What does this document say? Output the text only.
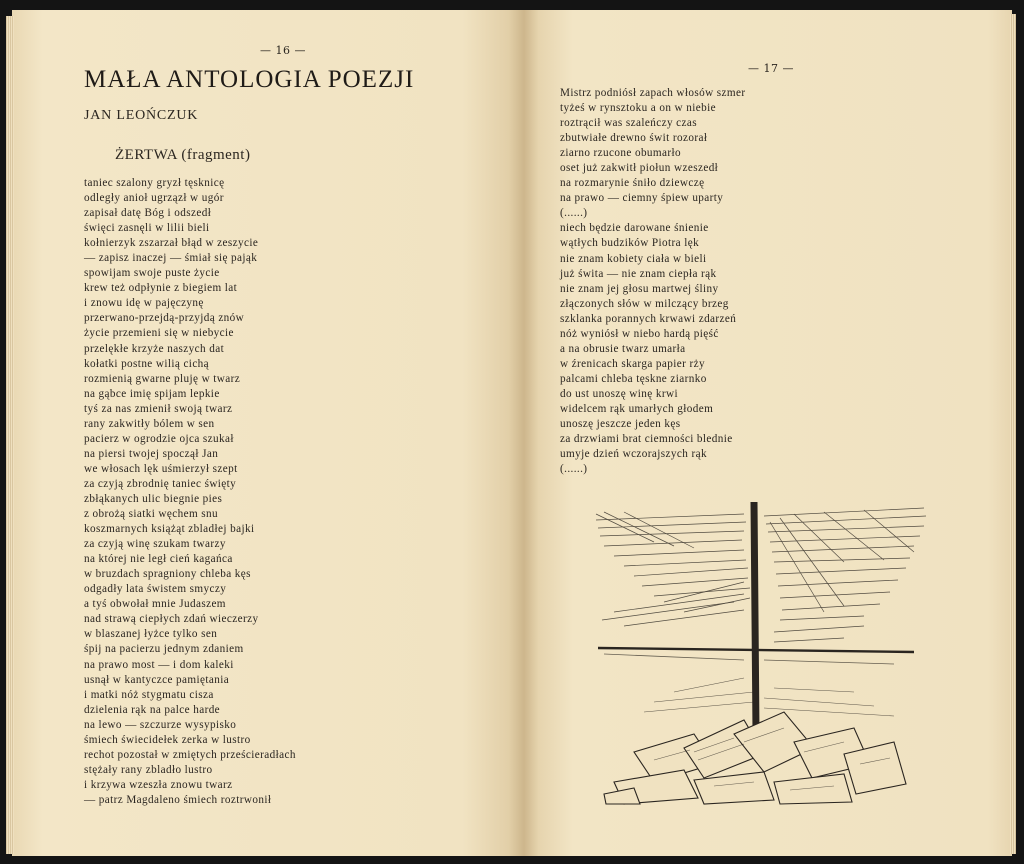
— 16 —
MAŁA ANTOLOGIA POEZJI
JAN LEOŃCZUK
ŻERTWA (fragment)
taniec szalony gryzł tęsknicę
odległy anioł ugrzązł w ugór
zapisał datę Bóg i odszedł
święci zasnęli w lilii bieli
kołnierzyk zszarzał błąd w zeszycie
— zapisz inaczej — śmiał się pająk
spowijam swoje puste życie
krew też odpłynie z biegiem lat
i znowu idę w pajęczynę
przerwano-przejdą-przyjdą znów
życie przemieni się w niebycie
przelękłe krzyże naszych dat
kołatki postne wilią cichą
rozmienią gwarne pluję w twarz
na gąbce imię spijam lepkie
tyś za nas zmienił swoją twarz
rany zakwitły bólem w sen
pacierz w ogrodzie ojca szukał
na piersi twojej spoczął Jan
we włosach lęk uśmierzył szept
za czyją zbrodnię taniec święty
zbłąkanych ulic biegnie pies
z obrożą siatki węchem snu
koszmarnych książąt zbladłej bajki
za czyją winę szukam twarzy
na której nie legł cień kagańca
w bruzdach spragniony chleba kęs
odgadły lata świstem smyczy
a tyś obwołał mnie Judaszem
nad strawą ciepłych zdań wieczerzy
w blaszanej łyżce tylko sen
śpij na pacierzu jednym zdaniem
na prawo most — i dom kaleki
usnął w kantyczce pamiętania
i matki nóż stygmatu ciszа
dzielenia rąk na palce harde
na lewo — szczurze wysypisko
śmiech świecidełek zerka w lustro
rechot pozostał w zmiętych prześcieradłach
stężały rany zbladło lustro
i krzywa wzeszła znowu twarz
— patrz Magdaleno śmiech roztrwonił
— 17 —
Mistrz podniósł zapach włosów szmer
tyżeś w rynsztoku a on w niebie
roztrącił was szaleńczy czas
zbutwiałe drewno świt rozorał
ziarno rzucone obumarło
oset już zakwitł piołun wzeszedł
na rozmarynie śniło dziewczę
na prawo — ciemny śpiew uparty
(......)
niech będzie darowane śnienie
wątłych budzików Piotra lęk
nie znam kobiety ciała w bieli
już świta — nie znam ciepła rąk
nie znam jej głosu martwej śliny
złączonych słów w milczący brzeg
szklanka porannych krwawi zdarzeń
nóż wyniósł w niebo hardą pięść
a na obrusie twarz umarła
w źrenicach skarga papier rży
palcami chleba tęskne ziarnko
do ust unoszę winę krwi
widelcem rąk umarłych głodem
unoszę jeszcze jeden kęs
za drzwiami brat ciemności blednie
umyje dzień wczorajszych rąk
(......)
